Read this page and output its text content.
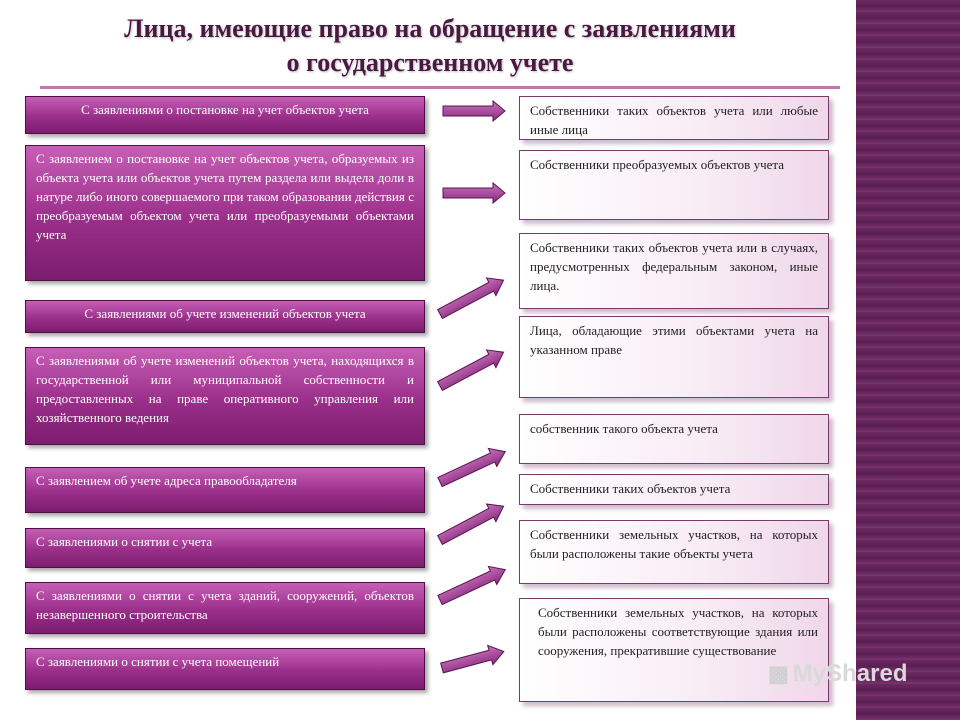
Лица, имеющие право на обращение с заявлениями
о государственном учете
С заявлениями о постановке на учет объектов учета
С заявлением о постановке на учет объектов учета, образуемых из объекта учета или объектов учета путем раздела или выдела доли в натуре либо иного совершаемого при таком образовании действия с преобразуемым объектом учета или преобразуемыми объектами учета
С заявлениями об учете изменений объектов учета
С заявлениями об учете изменений объектов учета, находящихся в государственной или муниципальной собственности и предоставленных на праве оперативного управления или хозяйственного ведения
С заявлением об учете адреса правообладателя
С заявлениями о снятии с учета
С заявлениями о снятии с учета зданий, сооружений, объектов незавершенного строительства
С заявлениями о снятии с учета помещений
Собственники таких объектов учета или любые иные лица
Собственники преобразуемых объектов учета
Собственники таких объектов учета или в случаях, предусмотренных федеральным законом, иные лица.
Лица, обладающие этими объектами учета на указанном праве
собственник такого объекта учета
Собственники таких объектов учета
Собственники земельных участков, на которых были расположены такие объекты учета
Собственники земельных участков, на которых были расположены соответствующие здания или сооружения, прекратившие существование
▩ MyShared
